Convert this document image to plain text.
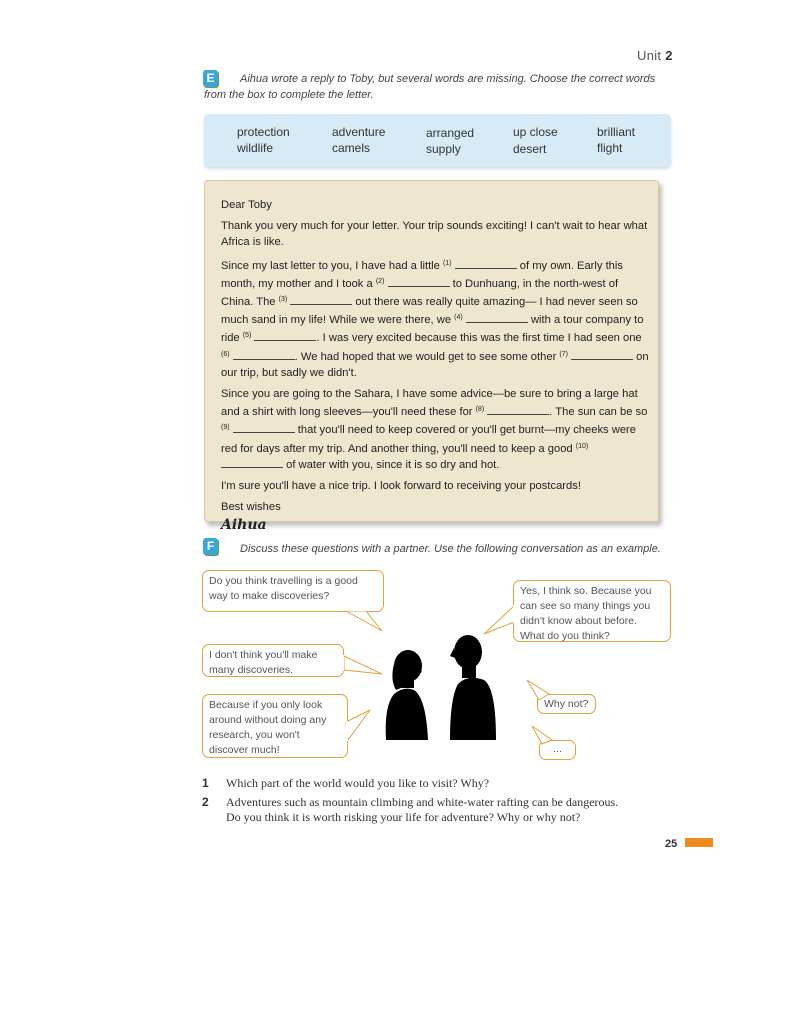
Unit 2
E	Aihua wrote a reply to Toby, but several words are missing. Choose the correct words
from the box to complete the letter.
protection	adventure	arranged	up close	brilliant
wildlife	camels	supply	desert	flight

Dear Toby

Thank you very much for your letter. Your trip sounds exciting! I can't wait to hear what Africa is like.

Since my last letter to you, I have had a little $^{(1)}$	of my own. Early this month, my mother and I took a $^{(2)}$	to Dunhuang, in the north-west of China. The $^{(3)}$	out there was really quite amazing— I had never seen so much sand in my life! While we were there, we $^{(4)}$	with a tour company to ride $^{(5)}$	. I was very excited because this was the first time I had seen one $^{(6)}$	. We had hoped that we would get to see some other $^{(7)}$	on our trip, but sadly we didn't.

Since you are going to the Sahara, I have some advice—be sure to bring a large hat and a shirt with long sleeves—you'll need these for $^{(8)}$	. The sun can be so $^{(9)}$	that you'll need to keep covered or you'll get burnt—my cheeks were red for days after my trip. And another thing, you'll need to keep a good $^{(10)}$  of water with you, since it is so dry and hot.

I'm sure you'll have a nice trip. I look forward to receiving your postcards!

Best wishes

Aihua
F	Discuss these questions with a partner. Use the following conversation as an example.
Do you think travelling is a good way to make discoveries?	Yes, I think so. Because you can see so many things you didn't know about before. What do you think?
I don't think you'll make many discoveries.
Why not?
Because if you only look around without doing any research, you won't discover much!	...
1 Which part of the world would you like to visit? Why?
2 Adventures such as mountain climbing and white-water rafting can be dangerous. Do you think it is worth risking your life for adventure? Why or why not?
25
